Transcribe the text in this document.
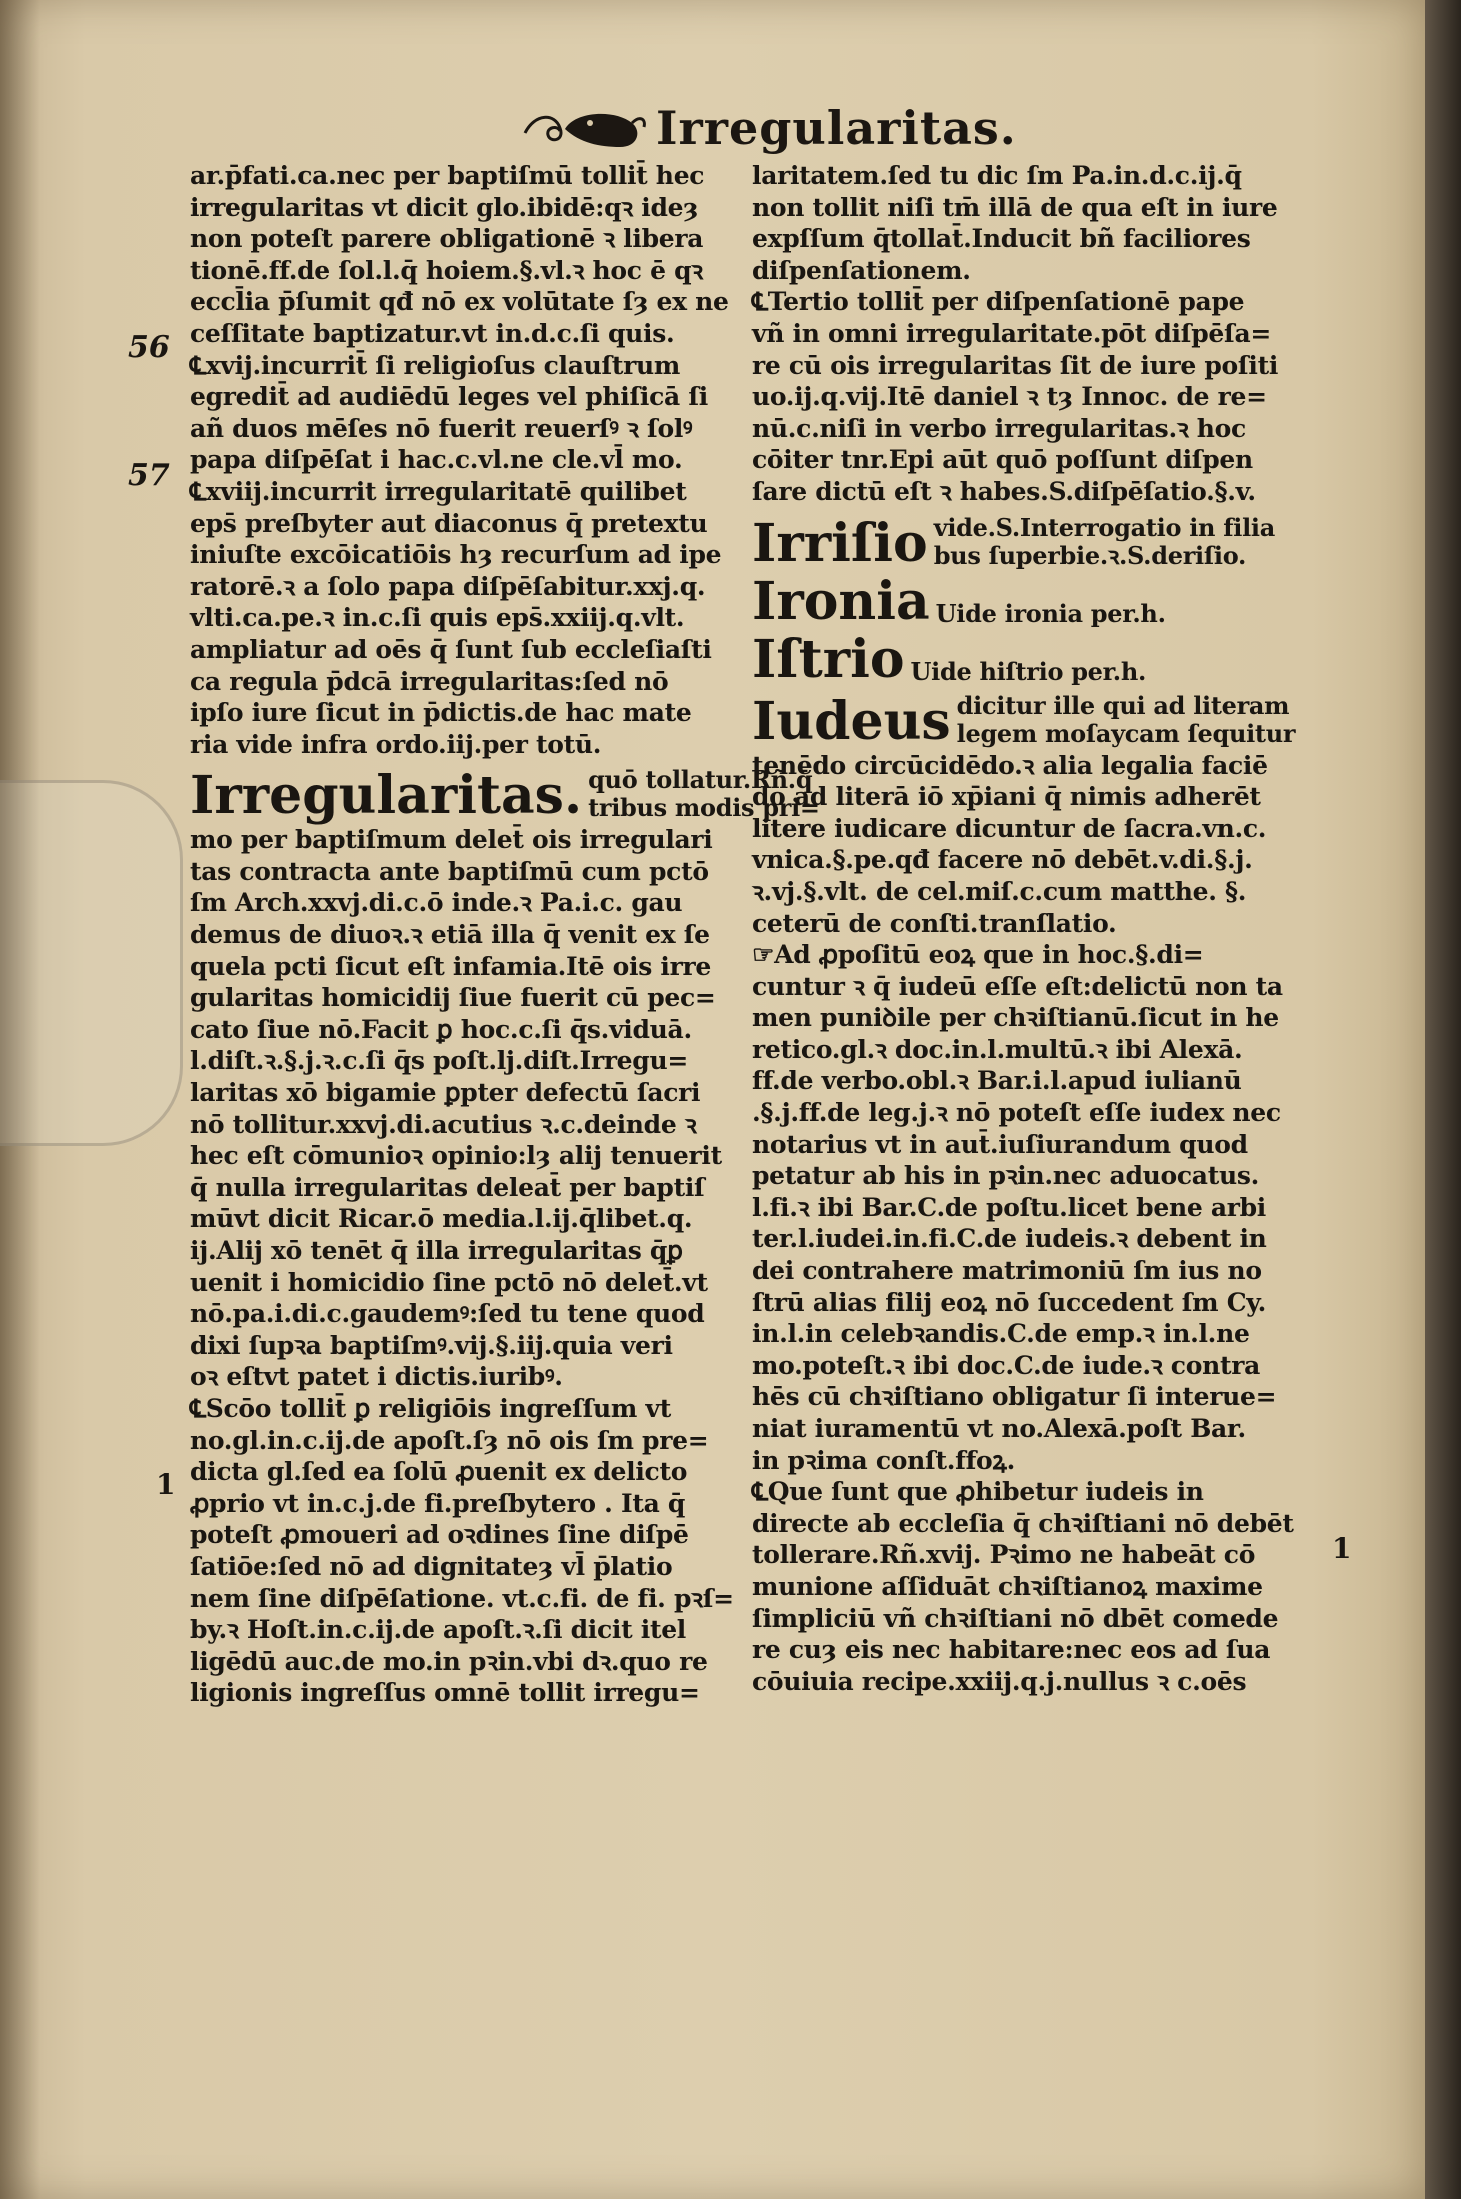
Irregularitas.
56
57
1
1
ar.p̄fati.ca.nec per baptiſmū tollit̄ hec
irregularitas vt dicit glo.ibidē:qꝛ ideȝ
non poteſt parere obligationē ꝛ libera
tionē.ff.de ſol.l.q̄ hoiem.§.vl.ꝛ hoc ē qꝛ
eccl̄ia p̄ſumit qđ nō ex volūtate ſȝ ex ne
ceſſitate baptizatur.vt in.d.c.ſi quis.
℄xvij.incurrit̄ ſi religioſus clauſtrum
egredit̄ ad audiēdū leges vel phiſicā ſi
añ duos mēſes nō fuerit reuerſꝰ ꝛ ſolꝰ
papa diſpēſat i hac.c.vl.ne cle.vl̄ mo.
℄xviij.incurrit irregularitatē quilibet
eps̄ preſbyter aut diaconus q̄ pretextu
iniuſte excōicatiōis hȝ recurſum ad ipe
ratorē.ꝛ a ſolo papa diſpēſabitur.xxj.q.
vlti.ca.pe.ꝛ in.c.ſi quis eps̄.xxiij.q.vlt.
ampliatur ad oēs q̄ ſunt ſub eccleſiaſti
ca regula p̄dcā irregularitas:ſed nō
ipſo iure ſicut in p̄dictis.de hac mate
ria vide infra ordo.iij.per totū.
Irregularitas. quō tollatur.Rñ.q̄
tribus modis pri=
mo per baptiſmum delet̄ ois irregulari
tas contracta ante baptiſmū cum pctō
ſm Arch.xxvj.di.c.ō inde.ꝛ Pa.i.c. gau
demus de diuoꝛ.ꝛ etiā illa q̄ venit ex ſe
quela pcti ſicut eſt infamia.Itē ois irre
gularitas homicidij ſiue fuerit cū pec=
cato ſiue nō.Facit ꝑ hoc.c.ſi q̄s.viduā.
l.diſt.ꝛ.§.j.ꝛ.c.ſi q̄s poſt.lj.diſt.Irregu=
laritas xō bigamie ꝑpter defectū ſacri
nō tollitur.xxvj.di.acutius ꝛ.c.deinde ꝛ
hec eſt cōmunioꝛ opinio:lȝ alij tenuerit
q̄ nulla irregularitas deleat̄ per baptiſ
mūvt dicit Ricar.ō media.l.ij.q̄libet.q.
ij.Alij xō tenēt q̄ illa irregularitas q̄ꝑ
uenit i homicidio ſine pctō nō delet̄.vt
nō.pa.i.di.c.gaudemꝰ:ſed tu tene quod
dixi ſupꝛa baptiſmꝰ.vij.§.iij.quia veri
oꝛ eſtvt patet i dictis.iuribꝰ.
℄Scōo tollit̄ ꝑ religiōis ingreſſum vt
no.gl.in.c.ij.de apoſt.ſȝ nō ois ſm pre=
dicta gl.ſed ea ſolū ꝓuenit ex delicto
ꝓprio vt in.c.j.de fi.preſbytero . Ita q̄
poteſt ꝓmoueri ad oꝛdines ſine diſpē
ſatiōe:ſed nō ad dignitateȝ vl̄ p̄latio
nem ſine diſpēſatione. vt.c.fi. de fi. pꝛſ=
by.ꝛ Hoſt.in.c.ij.de apoſt.ꝛ.ſi dicit itel
ligēdū auc.de mo.in pꝛin.vbi dꝛ.quo re
ligionis ingreſſus omnē tollit irregu=
laritatem.ſed tu dic ſm Pa.in.d.c.ij.q̄
non tollit niſi tm̄ illā de qua eſt in iure
expſſum q̄tollat̄.Inducit bñ faciliores
diſpenſationem.
℄Tertio tollit̄ per diſpenſationē pape
vñ in omni irregularitate.pōt diſpēſa=
re cū ois irregularitas ſit de iure poſiti
uo.ij.q.vij.Itē daniel ꝛ tȝ Innoc. de re=
nū.c.niſi in verbo irregularitas.ꝛ hoc
cōiter tnr.Epi aūt quō poſſunt diſpen
ſare dictū eſt ꝛ habes.S.diſpēſatio.§.v.
Irriſio vide.S.Interrogatio in filia
bus ſuperbie.ꝛ.S.deriſio.
Ironia Uide ironia per.h.
Iſtrio Uide hiſtrio per.h.
Iudeus dicitur ille qui ad literam
legem moſaycam ſequitur
tenēdo circūcidēdo.ꝛ alia legalia faciē
do ad literā iō xp̄iani q̄ nimis adherēt
litere iudicare dicuntur de ſacra.vn.c.
vnica.§.pe.qđ facere nō debēt.v.di.§.j.
ꝛ.vj.§.vlt. de cel.miſ.c.cum matthe. §.
ceterū de conſti.tranſlatio.
☞Ad ꝓpoſitū eoꝝ que in hoc.§.di=
cuntur ꝛ q̄ iudeū eſſe eſt:delictū non ta
men puniꝺile per chꝛiſtianū.ſicut in he
retico.gl.ꝛ doc.in.l.multū.ꝛ ibi Alexā.
ff.de verbo.obl.ꝛ Bar.i.l.apud iulianū
.§.j.ff.de leg.j.ꝛ nō poteſt eſſe iudex nec
notarius vt in aut̄.iuſiurandum quod
petatur ab his in pꝛin.nec aduocatus.
l.fi.ꝛ ibi Bar.C.de poſtu.licet bene arbi
ter.l.iudei.in.fi.C.de iudeis.ꝛ debent in
dei contrahere matrimoniū ſm ius no
ſtrū alias filij eoꝝ nō ſuccedent ſm Cy.
in.l.in celebꝛandis.C.de emp.ꝛ in.l.ne
mo.poteſt.ꝛ ibi doc.C.de iude.ꝛ contra
hēs cū chꝛiſtiano obligatur ſi interue=
niat iuramentū vt no.Alexā.poſt Bar.
in pꝛima conſt.ffoꝝ.
℄Que ſunt que ꝓhibetur iudeis in
directe ab eccleſia q̄ chꝛiſtiani nō debēt
tollerare.Rñ.xvij. Pꝛimo ne habeāt cō
munione aſſiduāt chꝛiſtianoꝝ maxime
ſimpliciū vñ chꝛiſtiani nō dbēt comede
re cuȝ eis nec habitare:nec eos ad ſua
cōuiuia recipe.xxiij.q.j.nullus ꝛ c.oēs
